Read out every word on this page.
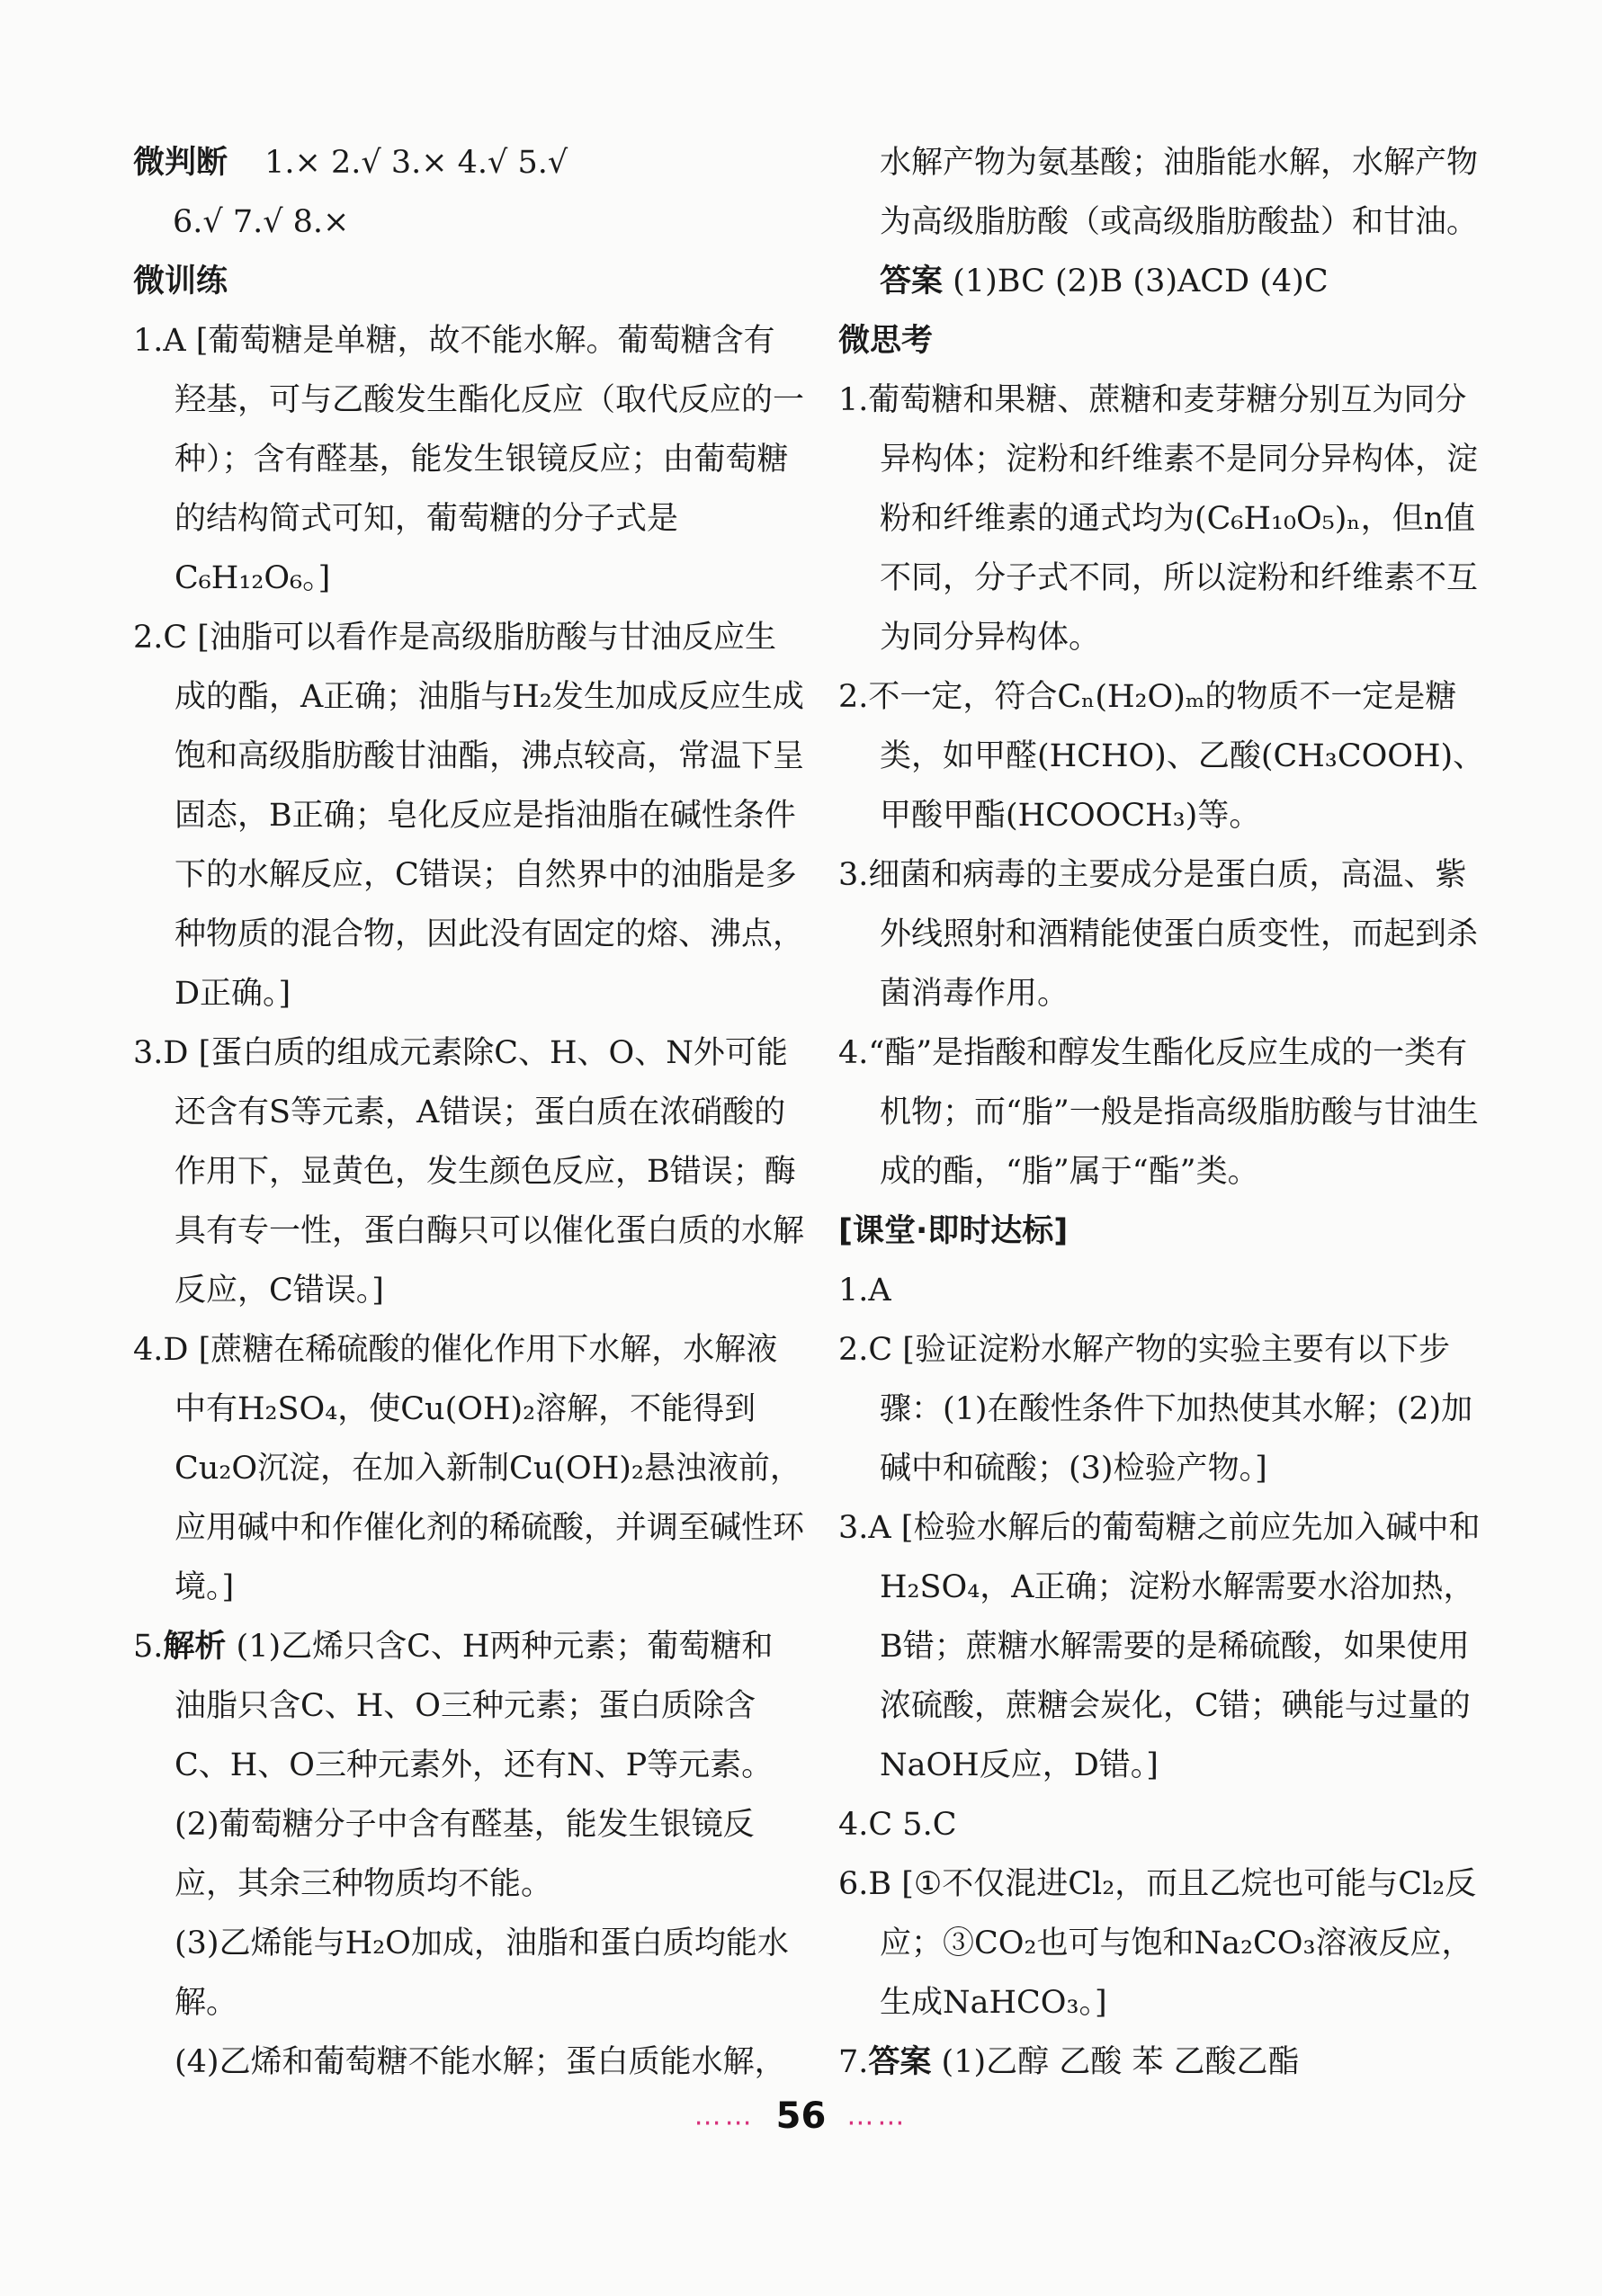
微判断 1.× 2.√ 3.× 4.√ 5.√

6.√ 7.√ 8.×

微训练

1.A [葡萄糖是单糖，故不能水解。葡萄糖含有羟基，可与乙酸发生酯化反应（取代反应的一种）；含有醛基，能发生银镜反应；由葡萄糖的结构简式可知，葡萄糖的分子式是C₆H₁₂O₆。]

2.C [油脂可以看作是高级脂肪酸与甘油反应生成的酯，A正确；油脂与H₂发生加成反应生成饱和高级脂肪酸甘油酯，沸点较高，常温下呈固态，B正确；皂化反应是指油脂在碱性条件下的水解反应，C错误；自然界中的油脂是多种物质的混合物，因此没有固定的熔、沸点，D正确。]

3.D [蛋白质的组成元素除C、H、O、N外可能还含有S等元素，A错误；蛋白质在浓硝酸的作用下，显黄色，发生颜色反应，B错误；酶具有专一性，蛋白酶只可以催化蛋白质的水解反应，C错误。]

4.D [蔗糖在稀硫酸的催化作用下水解，水解液中有H₂SO₄，使Cu(OH)₂溶解，不能得到Cu₂O沉淀，在加入新制Cu(OH)₂悬浊液前，应用碱中和作催化剂的稀硫酸，并调至碱性环境。]

5.解析 (1)乙烯只含C、H两种元素；葡萄糖和油脂只含C、H、O三种元素；蛋白质除含C、H、O三种元素外，还有N、P等元素。

(2)葡萄糖分子中含有醛基，能发生银镜反应，其余三种物质均不能。

(3)乙烯能与H₂O加成，油脂和蛋白质均能水解。

(4)乙烯和葡萄糖不能水解；蛋白质能水解，

水解产物为氨基酸；油脂能水解，水解产物为高级脂肪酸（或高级脂肪酸盐）和甘油。

答案 (1)BC (2)B (3)ACD (4)C

微思考

1.葡萄糖和果糖、蔗糖和麦芽糖分别互为同分异构体；淀粉和纤维素不是同分异构体，淀粉和纤维素的通式均为(C₆H₁₀O₅)ₙ，但n值不同，分子式不同，所以淀粉和纤维素不互为同分异构体。

2.不一定，符合Cₙ(H₂O)ₘ的物质不一定是糖类，如甲醛(HCHO)、乙酸(CH₃COOH)、甲酸甲酯(HCOOCH₃)等。

3.细菌和病毒的主要成分是蛋白质，高温、紫外线照射和酒精能使蛋白质变性，而起到杀菌消毒作用。

4.“酯”是指酸和醇发生酯化反应生成的一类有机物；而“脂”一般是指高级脂肪酸与甘油生成的酯，“脂”属于“酯”类。

[课堂·即时达标]

1.A

2.C [验证淀粉水解产物的实验主要有以下步骤：(1)在酸性条件下加热使其水解；(2)加碱中和硫酸；(3)检验产物。]

3.A [检验水解后的葡萄糖之前应先加入碱中和H₂SO₄，A正确；淀粉水解需要水浴加热，B错；蔗糖水解需要的是稀硫酸，如果使用浓硫酸，蔗糖会炭化，C错；碘能与过量的NaOH反应，D错。]

4.C 5.C

6.B [①不仅混进Cl₂，而且乙烷也可能与Cl₂反应；③CO₂也可与饱和Na₂CO₃溶液反应，生成NaHCO₃。]

7.答案 (1)乙醇 乙酸 苯 乙酸乙酯

…… 56 ……
